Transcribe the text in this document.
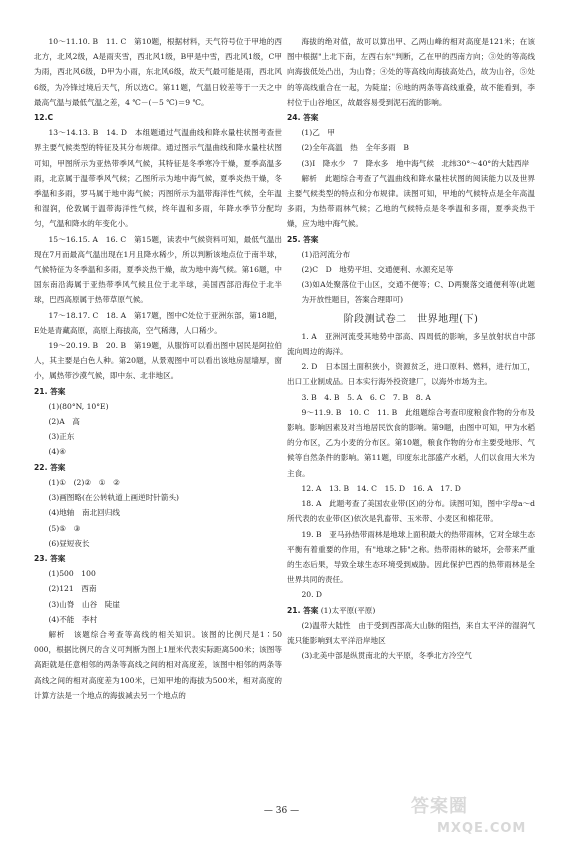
10～11.10. B　11. C　第10题，根据材料，天气符号位于甲地的西北方，北风2级，A是雨夹雪，西北风1级，B甲是中雪，西北风1级，C甲为雨，西北风6级，D甲为小雨，东北风6级，故天气最可能是雨，西北风6级，为冷锋过境后天气，所以选C。第11题，气温日较差等于一天之中最高气温与最低气温之差，4 ℃－(－5 ℃)＝9 ℃。

12.C

13～14.13. B　14. D　本组题通过气温曲线和降水量柱状图考查世界主要气候类型的特征及其分布规律。通过图示气温曲线和降水量柱状图可知，甲图所示为亚热带季风气候，其特征是冬季寒冷干燥，夏季高温多雨，北京属于温带季风气候；乙图所示为地中海气候，夏季炎热干燥，冬季温和多雨，罗马属于地中海气候；丙图所示为温带海洋性气候，全年温和湿润，伦敦属于温带海洋性气候，终年温和多雨，年降水季节分配均匀，气温和降水的年变化小。

15～16.15. A　16. C　第15题，读表中气候资料可知，最低气温出现在7月而最高气温出现在1月且降水稀少，所以判断该地点位于南半球，气候特征为冬季温和多雨，夏季炎热干燥，故为地中海气候。第16题，中国东南沿海属于亚热带季风气候且位于北半球，美国西部沿海位于北半球，巴西高原属于热带草原气候。

17～18.17. C　18. A　第17题，图中C处位于亚洲东部，第18题，E处是青藏高原，高原上海拔高，空气稀薄，人口稀少。

19～20.19. B　20. B　第19题，从服饰可以看出图中居民是阿拉伯人，其主要是白色人种。第20题，从景观图中可以看出该地房屋墙厚，窗小，属热带沙漠气候，即中东、北非地区。

21. 答案

(1)(80°N, 10°E)

(2)A　高

(3)正东

(4)④

22. 答案

(1)①　(2)②　①　②

(3)画图略(在公转轨道上画逆时针箭头)

(4)地轴　南北回归线

(5)⑤　③

(6)昼短夜长

23. 答案

(1)500　100

(2)121　西南

(3)山脊　山谷　陡崖

(4)不能　李村

解析　该题综合考查等高线的相关知识。该图的比例尺是1∶50 000，根据比例尺的含义可判断为图上1厘米代表实际距离500米；该图等高距就是任意相邻的两条等高线之间的相对高度差，该图中相邻的两条等高线之间的相对高度差为100米，已知甲地的海拔为500米，相对高度的计算方法是一个地点的海拔减去另一个地点的

海拔的绝对值，故可以算出甲、乙两山峰的相对高度是121米；在该图中根据"上北下南，左西右东"判断，乙在甲的西南方向；③处的等高线向海拔低处凸出，为山脊；④处的等高线向海拔高处凸，故为山谷，⑤处的等高线重合在一起，为陡崖；⑥地的两条等高线重叠，故不能看到，李村位于山谷地区，故最容易受到泥石流的影响。

24. 答案

(1)乙　甲

(2)全年高温　热　全年多雨　B

(3)Ⅰ　降水少　7　降水多　地中海气候　北纬30°～40°的大陆西岸

解析　此题综合考查了气温曲线和降水量柱状图的阅读能力以及世界主要气候类型的特点和分布规律。读图可知，甲地的气候特点是全年高温多雨，为热带雨林气候；乙地的气候特点是冬季温和多雨，夏季炎热干燥，应为地中海气候。

25. 答案

(1)沿河流分布

(2)C　D　地势平坦、交通便利、水源充足等

(3)如A处聚落位于山区，交通不便等；C、D两聚落交通便利等(此题为开放性题目，答案合理即可)

阶段测试卷二　世界地理(下)

1. A　亚洲河流受其地势中部高、四周低的影响，多呈放射状自中部流向周边的海洋。

2. D　日本国土面积狭小，资源贫乏，进口原料、燃料，进行加工，出口工业制成品。日本实行海外投资建厂，以海外市场为主。

3. B　4. B　5. A　6. C　7. B　8. A

9～11.9. B　10. C　11. B　此组题综合考查印度粮食作物的分布及影响。影响因素及对当地居民饮食的影响。第9题，由图中可知，甲为水稻的分布区，乙为小麦的分布区。第10题，粮食作物的分布主要受地形、气候等自然条件的影响。第11题，印度东北部盛产水稻，人们以食用大米为主食。

12. A　13. B　14. C　15. D　16. A　17. D

18. A　此题考查了美国农业带(区)的分布。读图可知，图中字母a～d所代表的农业带(区)依次是乳畜带、玉米带、小麦区和棉花带。

19. B　亚马孙热带雨林是地球上面积最大的热带雨林，它对全球生态平衡有着重要的作用，有"地球之肺"之称。热带雨林的破坏，会带来严重的生态后果，导致全球生态环境受到威胁。因此保护巴西的热带雨林是全世界共同的责任。

20. D

21. 答案 (1)太平原(平原)

(2)温带大陆性　由于受到西部高大山脉的阻挡，来自太平洋的湿润气流只能影响到太平洋沿岸地区

(3)北美中部是纵贯南北的大平原，冬季北方冷空气

— 36 —	答案圈
MXQE.COM
